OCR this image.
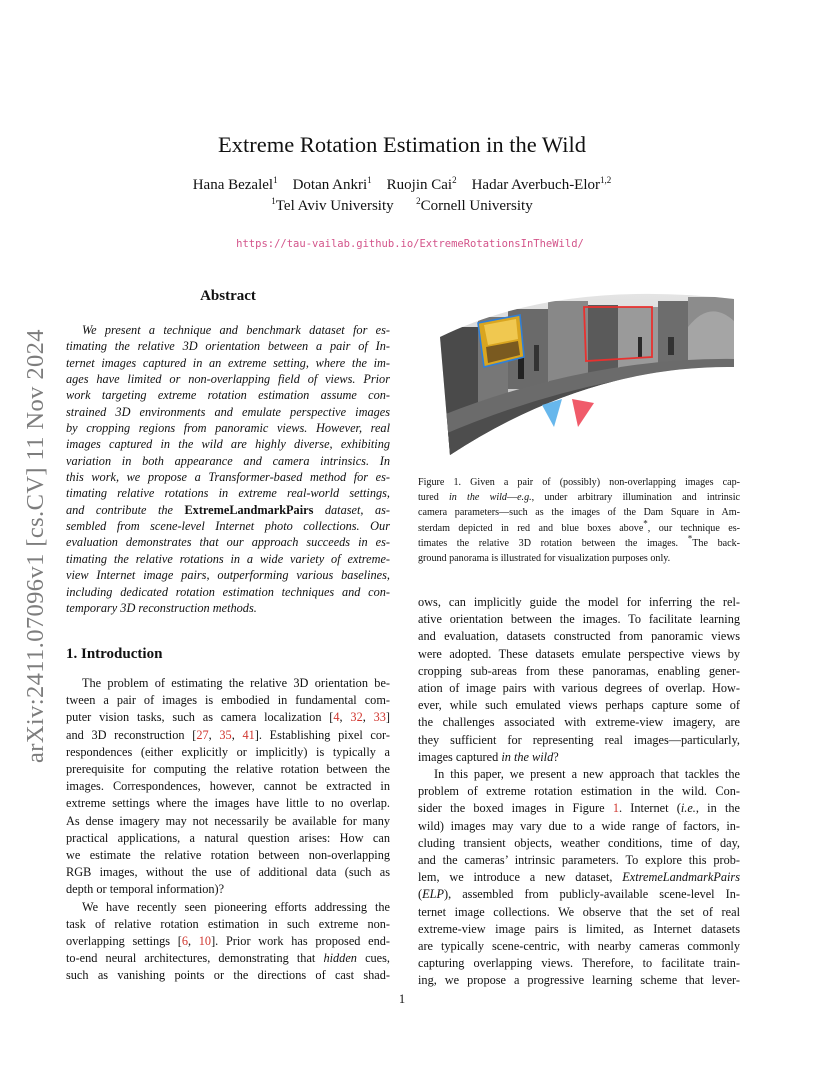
Extreme Rotation Estimation in the Wild
Hana Bezalel$^1$ Dotan Ankri$^1$ Ruojin Cai$^2$ Hadar Averbuch-Elor$^{1,2}$
$^1$Tel Aviv University	$^2$Cornell University
https://tau-vailab.github.io/ExtremeRotationsInTheWild/
arXiv:2411.07096v1 [cs.CV] 11 Nov 2024
Abstract
We present a technique and benchmark dataset for es-
timating the relative 3D orientation between a pair of In-
ternet images captured in an extreme setting, where the im-
ages have limited or non-overlapping field of views. Prior
work targeting extreme rotation estimation assume con-
strained 3D environments and emulate perspective images
by cropping regions from panoramic views. However, real
images captured in the wild are highly diverse, exhibiting
variation in both appearance and camera intrinsics. In
this work, we propose a Transformer-based method for es-
timating relative rotations in extreme real-world settings,
and contribute the ExtremeLandmarkPairs dataset, as-
sembled from scene-level Internet photo collections. Our
evaluation demonstrates that our approach succeeds in es-
timating the relative rotations in a wide variety of extreme-
view Internet image pairs, outperforming various baselines,
including dedicated rotation estimation techniques and con-
temporary 3D reconstruction methods.
1. Introduction
The problem of estimating the relative 3D orientation be-
tween a pair of images is embodied in fundamental com-
puter vision tasks, such as camera localization [4, 32, 33]
and 3D reconstruction [27, 35, 41]. Establishing pixel cor-
respondences (either explicitly or implicitly) is typically a
prerequisite for computing the relative rotation between the
images. Correspondences, however, cannot be extracted in
extreme settings where the images have little to no overlap.
As dense imagery may not necessarily be available for many
practical applications, a natural question arises: How can
we estimate the relative rotation between non-overlapping
RGB images, without the use of additional data (such as
depth or temporal information)?
We have recently seen pioneering efforts addressing the
task of relative rotation estimation in such extreme non-
overlapping settings [6, 10]. Prior work has proposed end-
to-end neural architectures, demonstrating that hidden cues,
such as vanishing points or the directions of cast shad-
Figure 1. Given a pair of (possibly) non-overlapping images cap-
tured in the wild—e.g., under arbitrary illumination and intrinsic
camera parameters—such as the images of the Dam Square in Am-
sterdam depicted in red and blue boxes above*, our technique es-
timates the relative 3D rotation between the images. *The back-
ground panorama is illustrated for visualization purposes only.
ows, can implicitly guide the model for inferring the rel-
ative orientation between the images. To facilitate learning
and evaluation, datasets constructed from panoramic views
were adopted. These datasets emulate perspective views by
cropping sub-areas from these panoramas, enabling gener-
ation of image pairs with various degrees of overlap. How-
ever, while such emulated views perhaps capture some of
the challenges associated with extreme-view imagery, are
they sufficient for representing real images—particularly,
images captured in the wild?
In this paper, we present a new approach that tackles the
problem of extreme rotation estimation in the wild. Con-
sider the boxed images in Figure 1. Internet (i.e., in the
wild) images may vary due to a wide range of factors, in-
cluding transient objects, weather conditions, time of day,
and the cameras’ intrinsic parameters. To explore this prob-
lem, we introduce a new dataset, ExtremeLandmarkPairs
(ELP), assembled from publicly-available scene-level In-
ternet image collections. We observe that the set of real
extreme-view image pairs is limited, as Internet datasets
are typically scene-centric, with nearby cameras commonly
capturing overlapping views. Therefore, to facilitate train-
ing, we propose a progressive learning scheme that lever-
1
